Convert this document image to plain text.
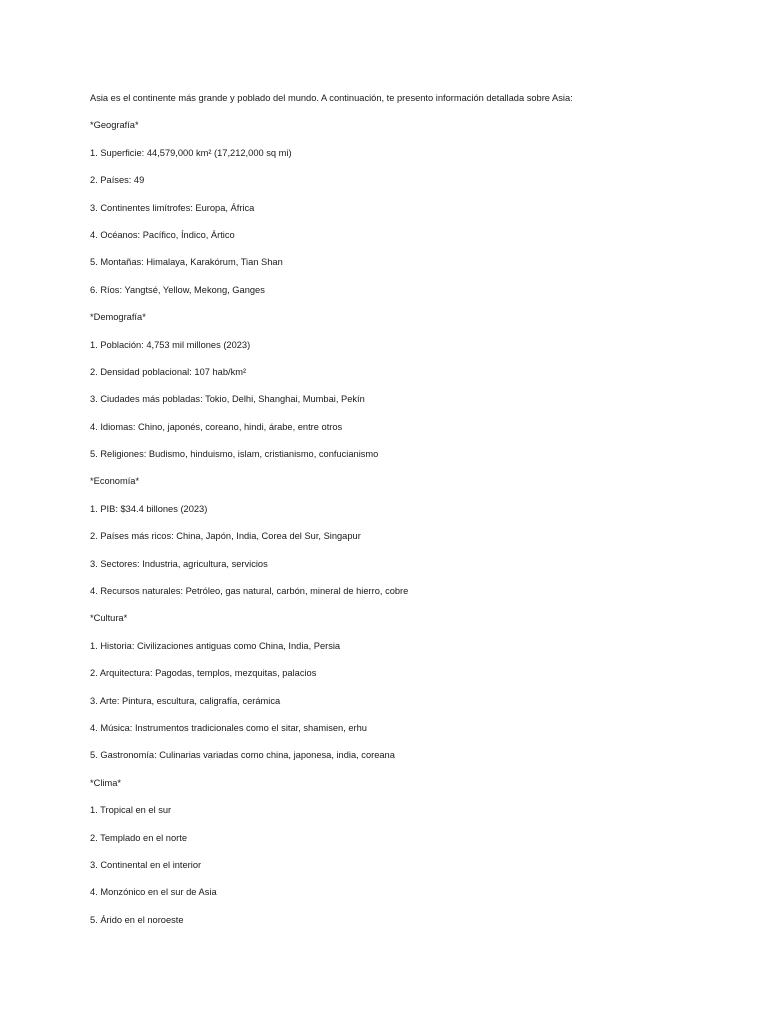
Asia es el continente más grande y poblado del mundo. A continuación, te presento información detallada sobre Asia:
*Geografía*
1. Superficie: 44,579,000 km² (17,212,000 sq mi)
2. Países: 49
3. Continentes limítrofes: Europa, África
4. Océanos: Pacífico, Índico, Ártico
5. Montañas: Himalaya, Karakórum, Tian Shan
6. Ríos: Yangtsé, Yellow, Mekong, Ganges
*Demografía*
1. Población: 4,753 mil millones (2023)
2. Densidad poblacional: 107 hab/km²
3. Ciudades más pobladas: Tokio, Delhi, Shanghai, Mumbai, Pekín
4. Idiomas: Chino, japonés, coreano, hindi, árabe, entre otros
5. Religiones: Budismo, hinduismo, islam, cristianismo, confucianismo
*Economía*
1. PIB: $34.4 billones (2023)
2. Países más ricos: China, Japón, India, Corea del Sur, Singapur
3. Sectores: Industria, agricultura, servicios
4. Recursos naturales: Petróleo, gas natural, carbón, mineral de hierro, cobre
*Cultura*
1. Historia: Civilizaciones antiguas como China, India, Persia
2. Arquitectura: Pagodas, templos, mezquitas, palacios
3. Arte: Pintura, escultura, caligrafía, cerámica
4. Música: Instrumentos tradicionales como el sitar, shamisen, erhu
5. Gastronomía: Culinarias variadas como china, japonesa, india, coreana
*Clima*
1. Tropical en el sur
2. Templado en el norte
3. Continental en el interior
4. Monzónico en el sur de Asia
5. Árido en el noroeste
